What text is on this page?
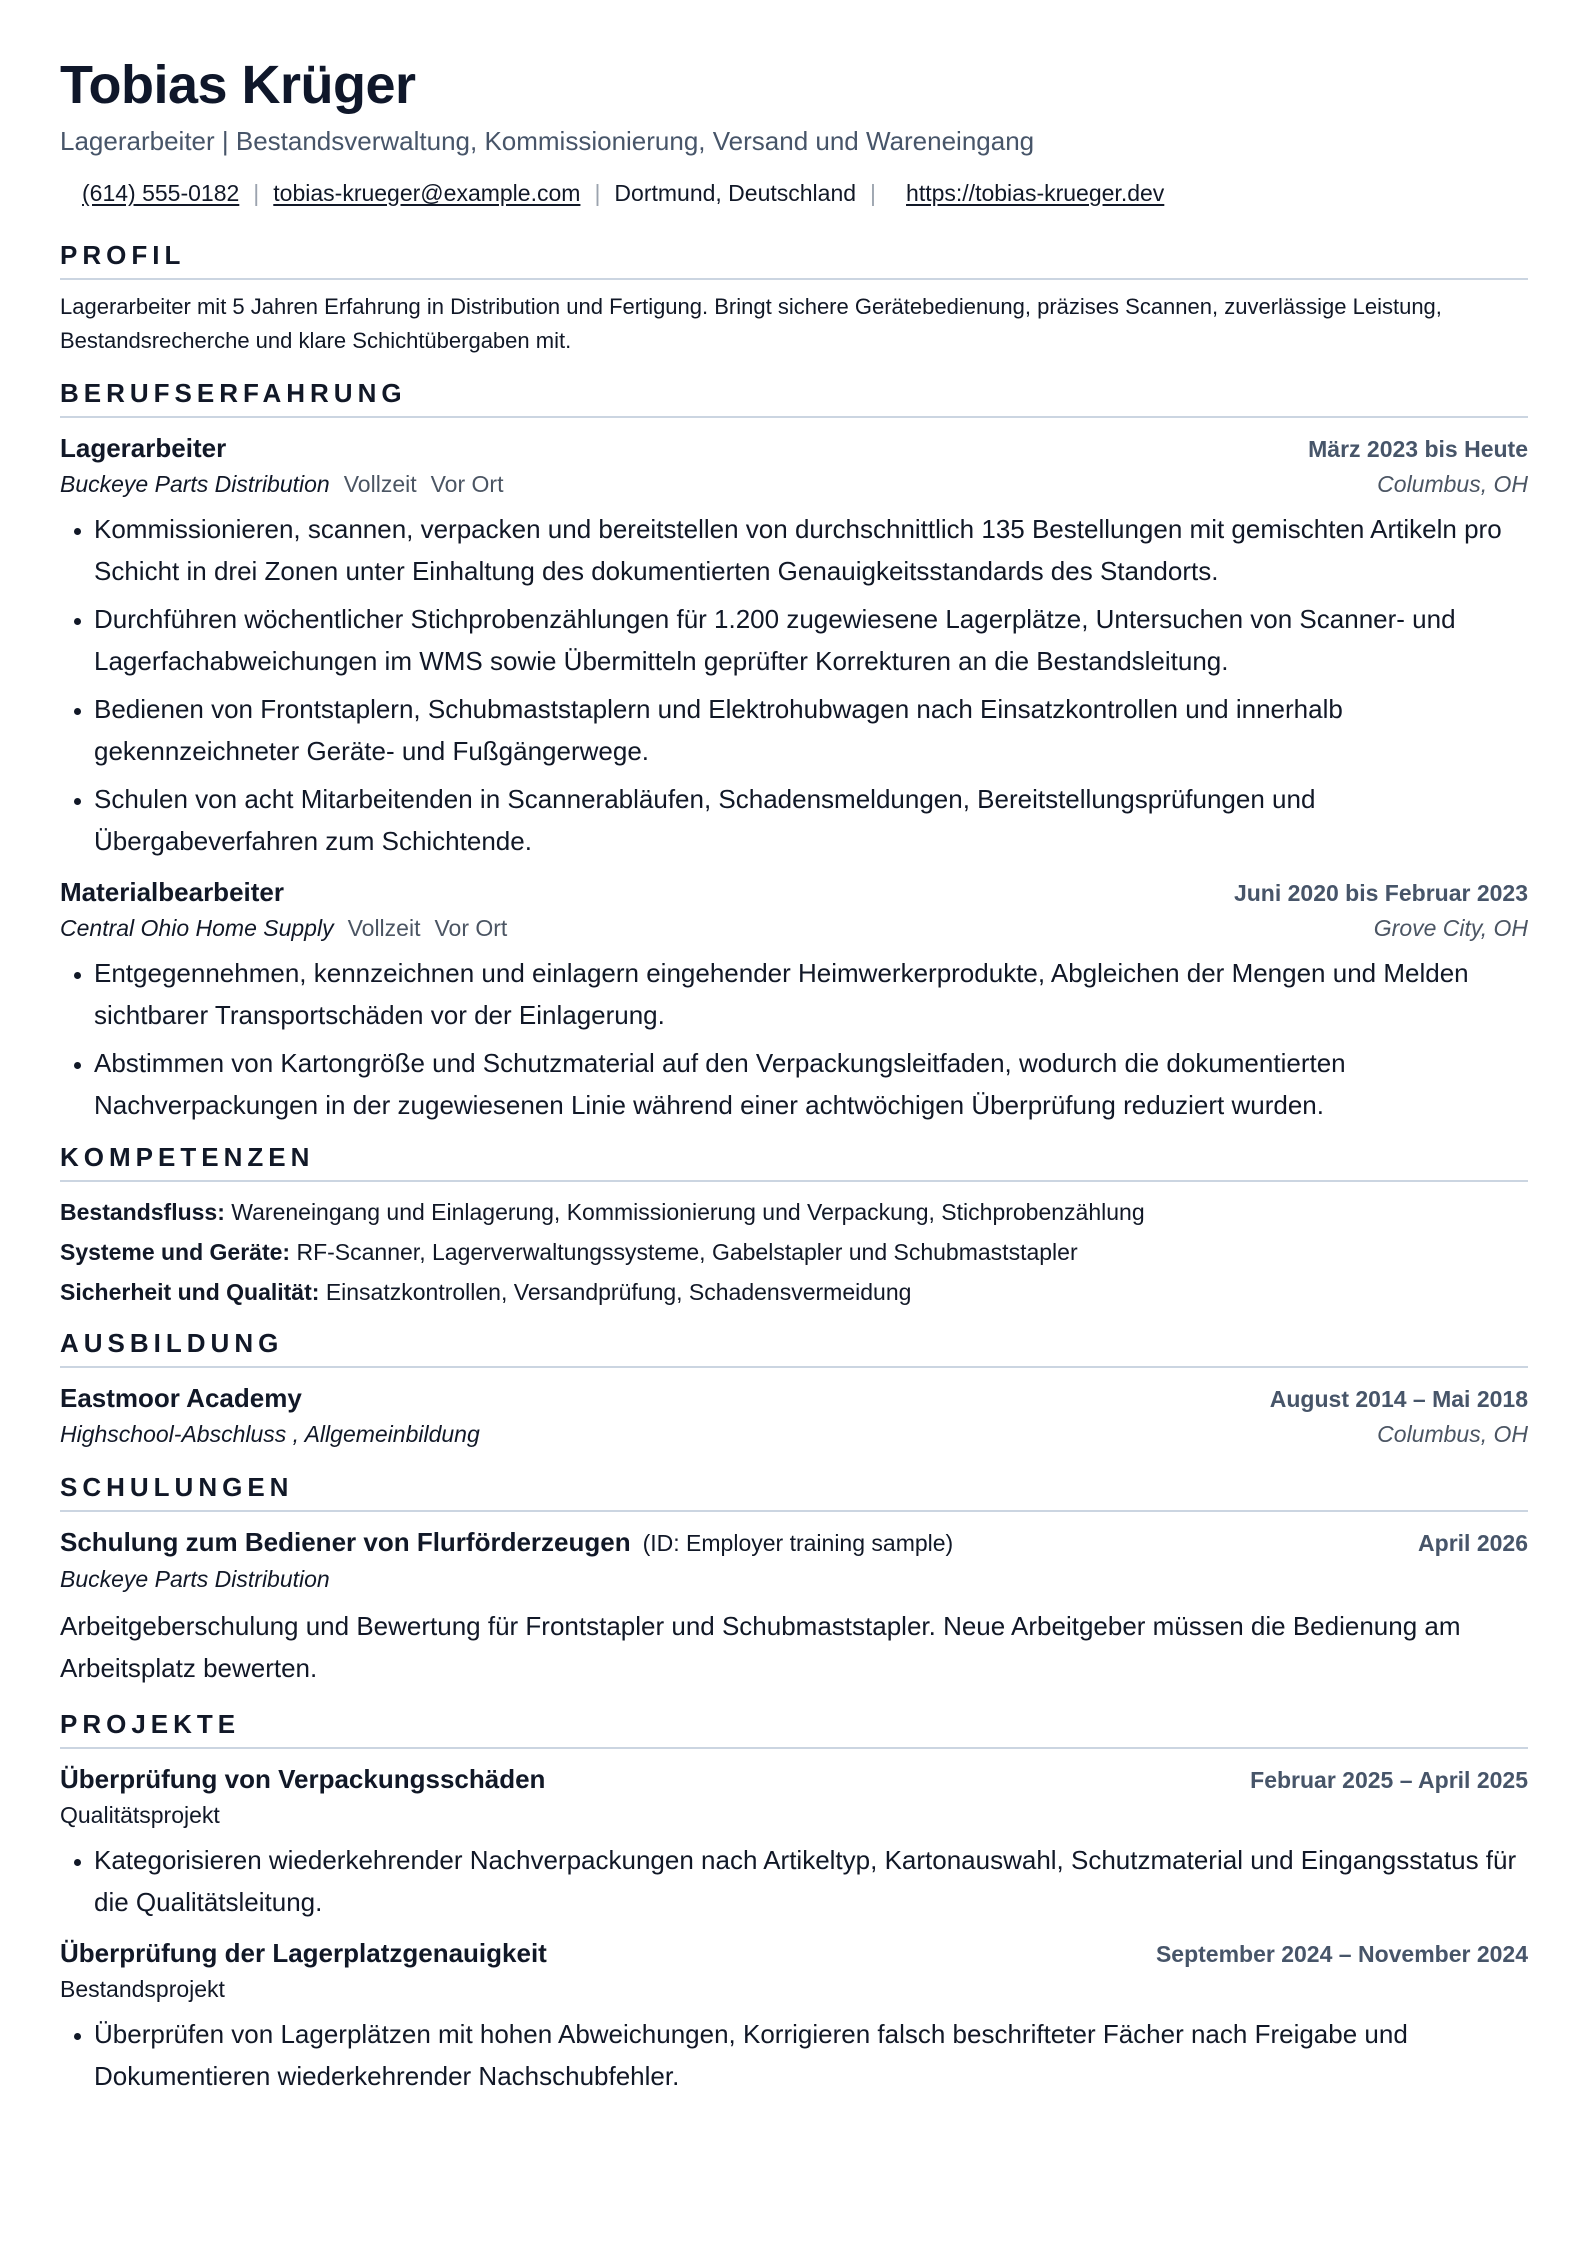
Tobias Krüger
Lagerarbeiter | Bestandsverwaltung, Kommissionierung, Versand und Wareneingang
(614) 555-0182 | tobias-krueger@example.com | Dortmund, Deutschland | https://tobias-krueger.dev
PROFIL
Lagerarbeiter mit 5 Jahren Erfahrung in Distribution und Fertigung. Bringt sichere Gerätebedienung, präzises Scannen, zuverlässige Leistung, Bestandsrecherche und klare Schichtübergaben mit.
BERUFSERFAHRUNG
Lagerarbeiter	März 2023 bis Heute
Buckeye Parts Distribution Vollzeit Vor Ort	Columbus, OH
• Kommissionieren, scannen, verpacken und bereitstellen von durchschnittlich 135 Bestellungen mit gemischten Artikeln pro Schicht in drei Zonen unter Einhaltung des dokumentierten Genauigkeitsstandards des Standorts.
• Durchführen wöchentlicher Stichprobenzählungen für 1.200 zugewiesene Lagerplätze, Untersuchen von Scanner- und Lagerfachabweichungen im WMS sowie Übermitteln geprüfter Korrekturen an die Bestandsleitung.
• Bedienen von Frontstaplern, Schubmaststaplern und Elektrohubwagen nach Einsatzkontrollen und innerhalb gekennzeichneter Geräte- und Fußgängerwege.
• Schulen von acht Mitarbeitenden in Scannerabläufen, Schadensmeldungen, Bereitstellungsprüfungen und Übergabeverfahren zum Schichtende.
Materialbearbeiter	Juni 2020 bis Februar 2023
Central Ohio Home Supply Vollzeit Vor Ort	Grove City, OH
• Entgegennehmen, kennzeichnen und einlagern eingehender Heimwerkerprodukte, Abgleichen der Mengen und Melden sichtbarer Transportschäden vor der Einlagerung.
• Abstimmen von Kartongröße und Schutzmaterial auf den Verpackungsleitfaden, wodurch die dokumentierten Nachverpackungen in der zugewiesenen Linie während einer achtwöchigen Überprüfung reduziert wurden.
KOMPETENZEN
Bestandsfluss: Wareneingang und Einlagerung, Kommissionierung und Verpackung, Stichprobenzählung
Systeme und Geräte: RF-Scanner, Lagerverwaltungssysteme, Gabelstapler und Schubmaststapler
Sicherheit und Qualität: Einsatzkontrollen, Versandprüfung, Schadensvermeidung
AUSBILDUNG
Eastmoor Academy	August 2014 – Mai 2018
Highschool-Abschluss , Allgemeinbildung	Columbus, OH
SCHULUNGEN
Schulung zum Bediener von Flurförderzeugen (ID: Employer training sample)	April 2026
Buckeye Parts Distribution
Arbeitgeberschulung und Bewertung für Frontstapler und Schubmaststapler. Neue Arbeitgeber müssen die Bedienung am Arbeitsplatz bewerten.
PROJEKTE
Überprüfung von Verpackungsschäden	Februar 2025 – April 2025
Qualitätsprojekt
• Kategorisieren wiederkehrender Nachverpackungen nach Artikeltyp, Kartonauswahl, Schutzmaterial und Eingangsstatus für die Qualitätsleitung.
Überprüfung der Lagerplatzgenauigkeit	September 2024 – November 2024
Bestandsprojekt
• Überprüfen von Lagerplätzen mit hohen Abweichungen, Korrigieren falsch beschrifteter Fächer nach Freigabe und Dokumentieren wiederkehrender Nachschubfehler.
